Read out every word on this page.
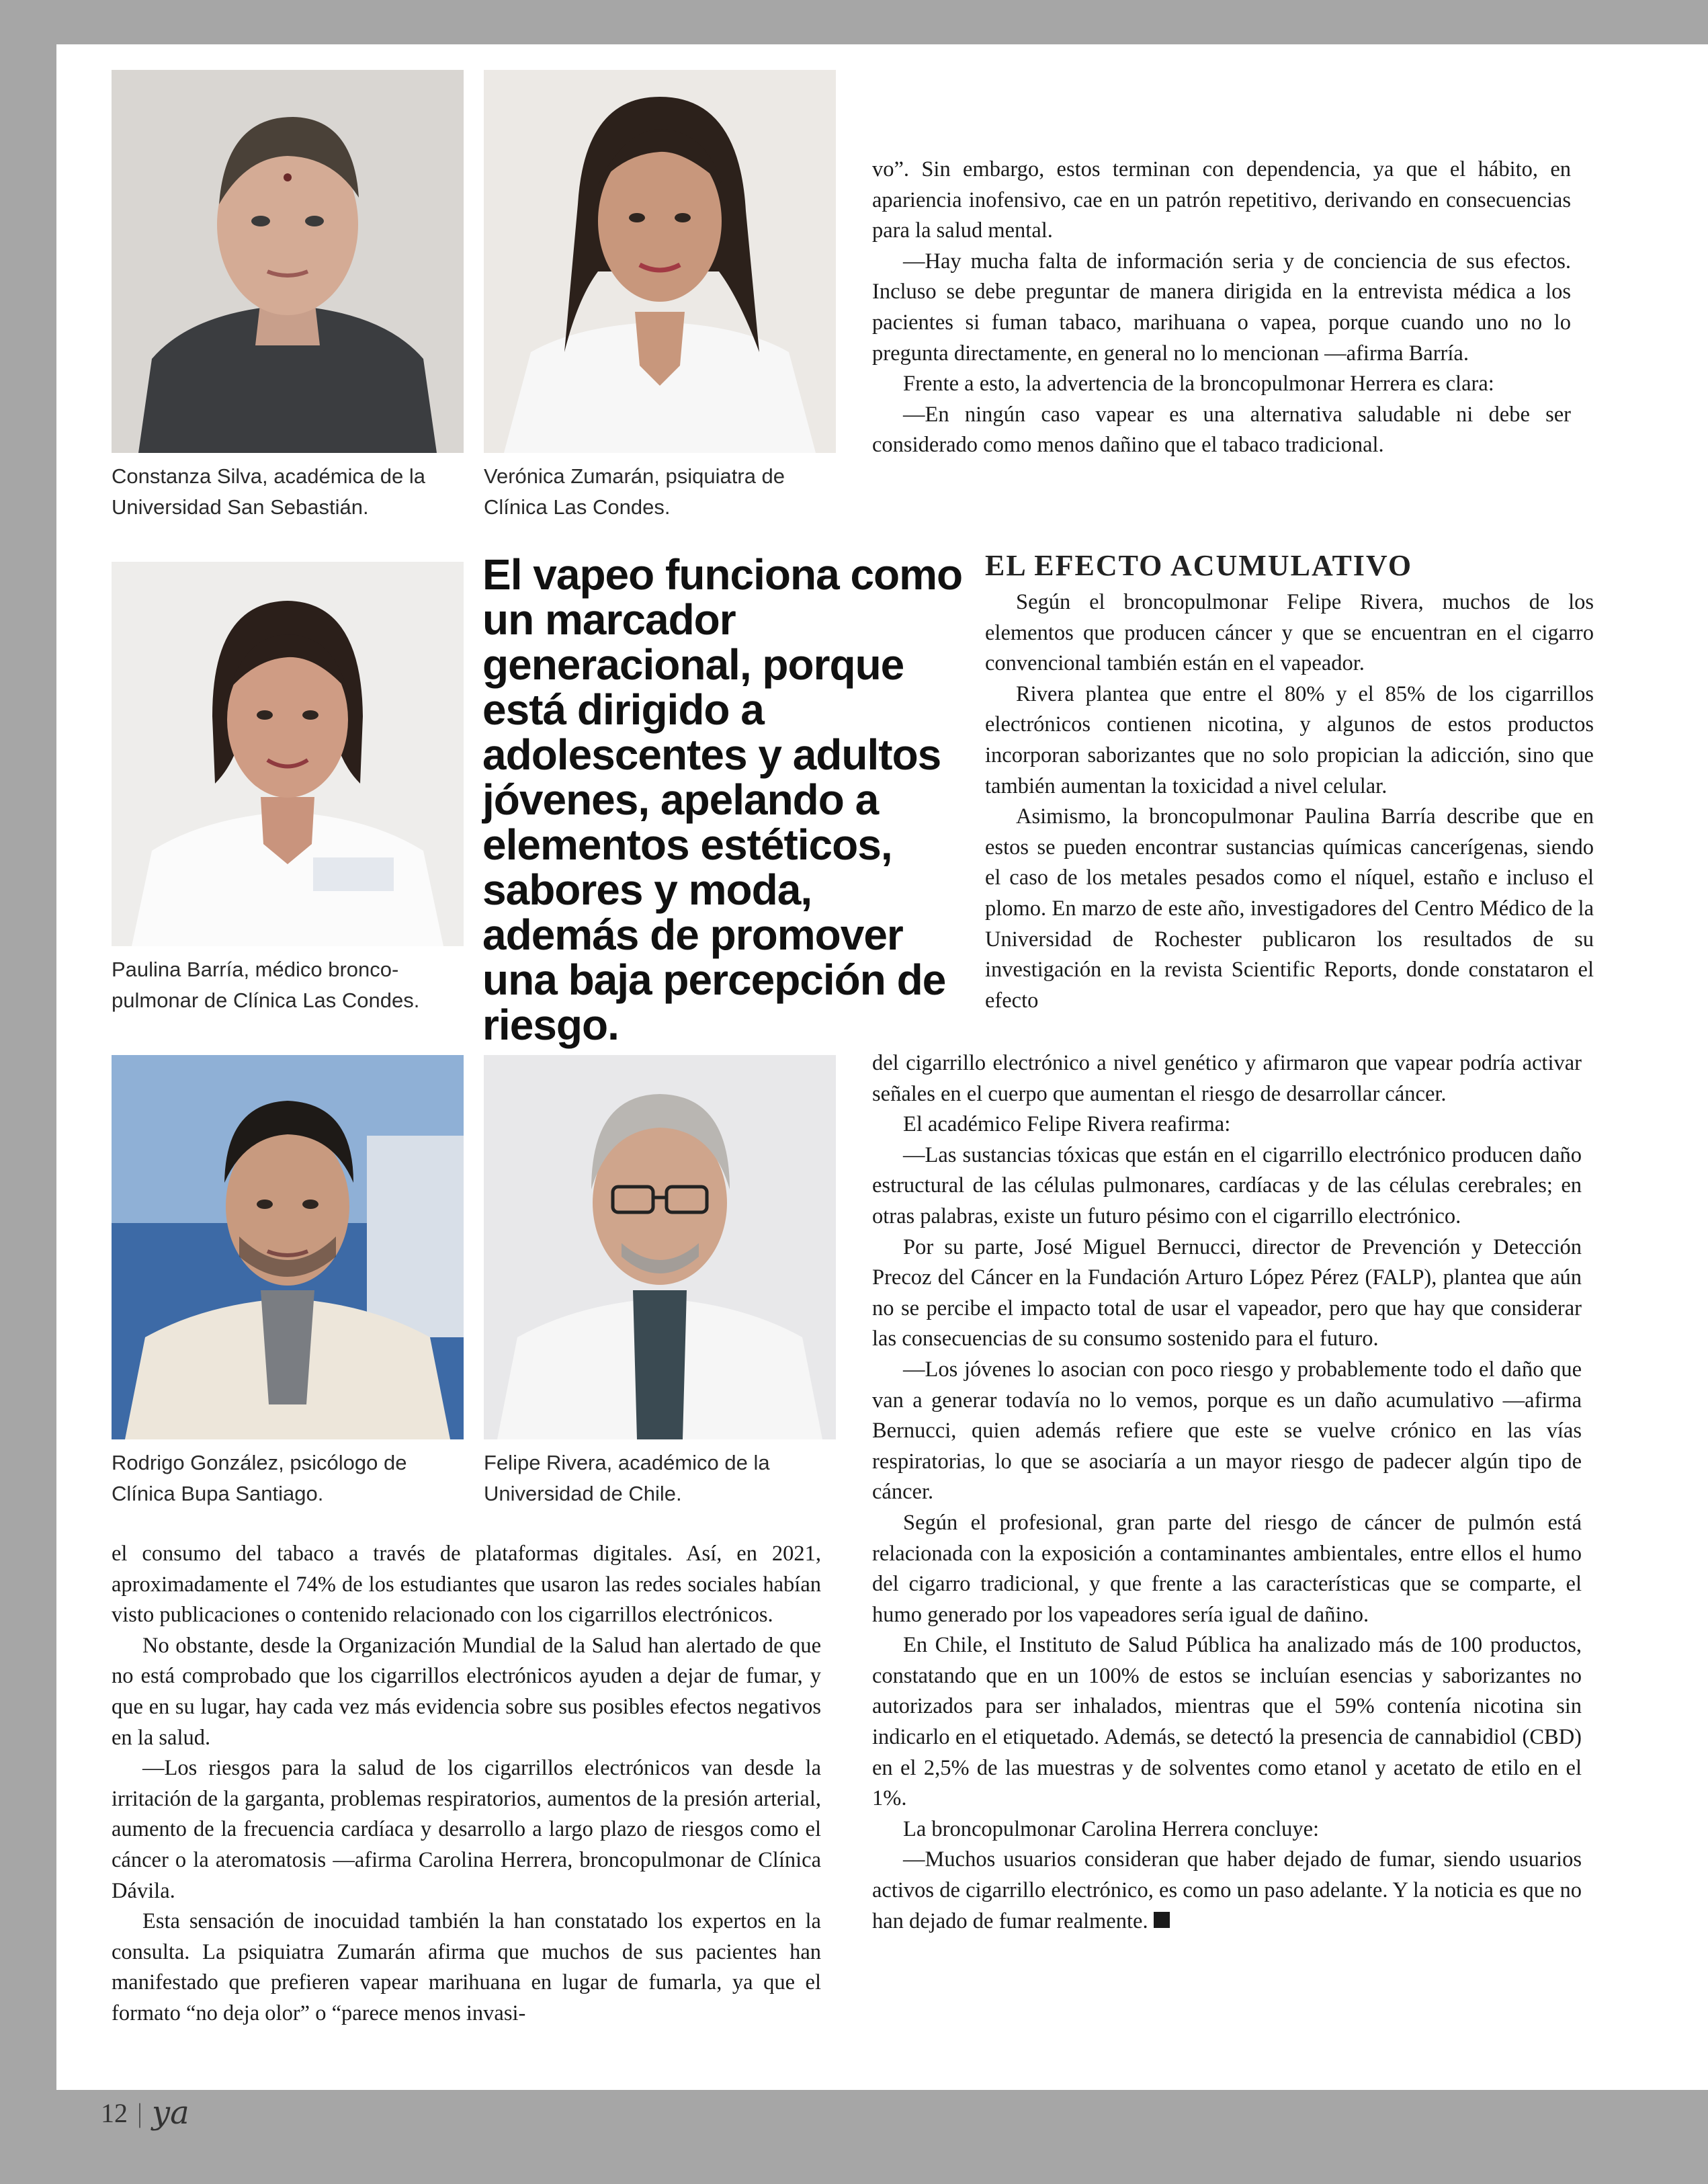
Constanza Silva, académica de la Universidad San Sebastián.

Verónica Zumarán, psiquiatra de Clínica Las Condes.

Paulina Barría, médico bronco-pulmonar de Clínica Las Condes.

El vapeo funciona como un marcador generacional, porque está dirigido a adolescentes y adultos jóvenes, apelando a elementos estéticos, sabores y moda, además de promover una baja percepción de riesgo.

Rodrigo González, psicólogo de Clínica Bupa Santiago.

Felipe Rivera, académico de la Universidad de Chile.

vo”. Sin embargo, estos terminan con dependencia, ya que el hábito, en apariencia inofensivo, cae en un patrón repetitivo, derivando en consecuencias para la salud mental.

—Hay mucha falta de información seria y de conciencia de sus efectos. Incluso se debe preguntar de manera dirigida en la entrevista médica a los pacientes si fuman tabaco, marihuana o vapea, porque cuando uno no lo pregunta directamente, en general no lo mencionan —afirma Barría.

Frente a esto, la advertencia de la broncopulmonar Herrera es clara:

—En ningún caso vapear es una alternativa saludable ni debe ser considerado como menos dañino que el tabaco tradicional.

EL EFECTO ACUMULATIVO

Según el broncopulmonar Felipe Rivera, muchos de los elementos que producen cáncer y que se encuentran en el cigarro convencional también están en el vapeador.

Rivera plantea que entre el 80% y el 85% de los cigarrillos electrónicos contienen nicotina, y algunos de estos productos incorporan saborizantes que no solo propician la adicción, sino que también aumentan la toxicidad a nivel celular.

Asimismo, la broncopulmonar Paulina Barría describe que en estos se pueden encontrar sustancias químicas cancerígenas, siendo el caso de los metales pesados como el níquel, estaño e incluso el plomo. En marzo de este año, investigadores del Centro Médico de la Universidad de Rochester publicaron los resultados de su investigación en la revista Scientific Reports, donde constataron el efecto

del cigarrillo electrónico a nivel genético y afirmaron que vapear podría activar señales en el cuerpo que aumentan el riesgo de desarrollar cáncer.

El académico Felipe Rivera reafirma:

—Las sustancias tóxicas que están en el cigarrillo electrónico producen daño estructural de las células pulmonares, cardíacas y de las células cerebrales; en otras palabras, existe un futuro pésimo con el cigarrillo electrónico.

Por su parte, José Miguel Bernucci, director de Prevención y Detección Precoz del Cáncer en la Fundación Arturo López Pérez (FALP), plantea que aún no se percibe el impacto total de usar el vapeador, pero que hay que considerar las consecuencias de su consumo sostenido para el futuro.

—Los jóvenes lo asocian con poco riesgo y probablemente todo el daño que van a generar todavía no lo vemos, porque es un daño acumulativo —afirma Bernucci, quien además refiere que este se vuelve crónico en las vías respiratorias, lo que se asociaría a un mayor riesgo de padecer algún tipo de cáncer.

Según el profesional, gran parte del riesgo de cáncer de pulmón está relacionada con la exposición a contaminantes ambientales, entre ellos el humo del cigarro tradicional, y que frente a las características que se comparte, el humo generado por los vapeadores sería igual de dañino.

En Chile, el Instituto de Salud Pública ha analizado más de 100 productos, constatando que en un 100% de estos se incluían esencias y saborizantes no autorizados para ser inhalados, mientras que el 59% contenía nicotina sin indicarlo en el etiquetado. Además, se detectó la presencia de cannabidiol (CBD) en el 2,5% de las muestras y de solventes como etanol y acetato de etilo en el 1%.

La broncopulmonar Carolina Herrera concluye:

—Muchos usuarios consideran que haber dejado de fumar, siendo usuarios activos de cigarrillo electrónico, es como un paso adelante. Y la noticia es que no han dejado de fumar realmente.

el consumo del tabaco a través de plataformas digitales. Así, en 2021, aproximadamente el 74% de los estudiantes que usaron las redes sociales habían visto publicaciones o contenido relacionado con los cigarrillos electrónicos.

No obstante, desde la Organización Mundial de la Salud han alertado de que no está comprobado que los cigarrillos electrónicos ayuden a dejar de fumar, y que en su lugar, hay cada vez más evidencia sobre sus posibles efectos negativos en la salud.

—Los riesgos para la salud de los cigarrillos electrónicos van desde la irritación de la garganta, problemas respiratorios, aumentos de la presión arterial, aumento de la frecuencia cardíaca y desarrollo a largo plazo de riesgos como el cáncer o la ateromatosis —afirma Carolina Herrera, broncopulmonar de Clínica Dávila.

Esta sensación de inocuidad también la han constatado los expertos en la consulta. La psiquiatra Zumarán afirma que muchos de sus pacientes han manifestado que prefieren vapear marihuana en lugar de fumarla, ya que el formato “no deja olor” o “parece menos invasi-

12 | ya
